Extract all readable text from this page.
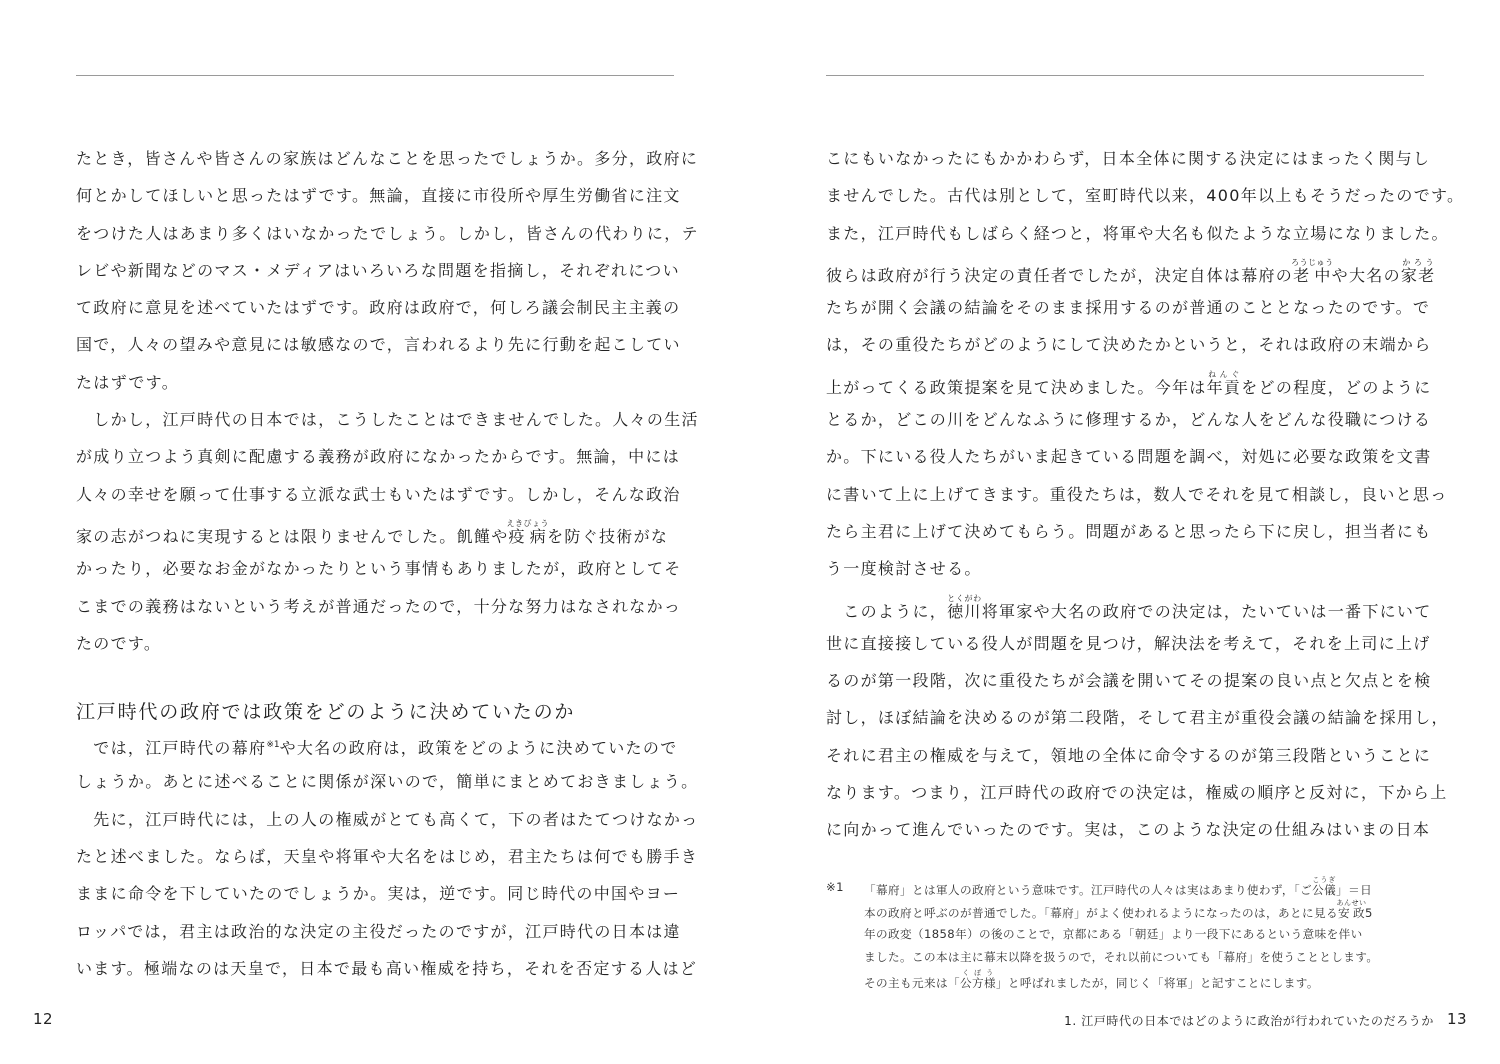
たとき，皆さんや皆さんの家族はどんなことを思ったでしょうか。多分，政府に
何とかしてほしいと思ったはずです。無論，直接に市役所や厚生労働省に注文
をつけた人はあまり多くはいなかったでしょう。しかし，皆さんの代わりに，テ
レビや新聞などのマス・メディアはいろいろな問題を指摘し，それぞれについ
て政府に意見を述べていたはずです。政府は政府で，何しろ議会制民主主義の
国で，人々の望みや意見には敏感なので，言われるより先に行動を起こしてい
たはずです。
　しかし，江戸時代の日本では，こうしたことはできませんでした。人々の生活
が成り立つよう真剣に配慮する義務が政府になかったからです。無論，中には
人々の幸せを願って仕事する立派な武士もいたはずです。しかし，そんな政治
家の志がつねに実現するとは限りませんでした。飢饉や疫病えきびょうを防ぐ技術がな
かったり，必要なお金がなかったりという事情もありましたが，政府としてそ
こまでの義務はないという考えが普通だったので，十分な努力はなされなかっ
たのです。
江戸時代の政府では政策をどのように決めていたのか
　では，江戸時代の幕府$^{※1}$や大名の政府は，政策をどのように決めていたので
しょうか。あとに述べることに関係が深いので，簡単にまとめておきましょう。
　先に，江戸時代には，上の人の権威がとても高くて，下の者はたてつけなかっ
たと述べました。ならば，天皇や将軍や大名をはじめ，君主たちは何でも勝手き
ままに命令を下していたのでしょうか。実は，逆です。同じ時代の中国やヨー
ロッパでは，君主は政治的な決定の主役だったのですが，江戸時代の日本は違
います。極端なのは天皇で，日本で最も高い権威を持ち，それを否定する人はど
こにもいなかったにもかかわらず，日本全体に関する決定にはまったく関与し
ませんでした。古代は別として，室町時代以来，400年以上もそうだったのです。
また，江戸時代もしばらく経つと，将軍や大名も似たような立場になりました。
彼らは政府が行う決定の責任者でしたが，決定自体は幕府の老中ろうじゅうや大名の家老かろう
たちが開く会議の結論をそのまま採用するのが普通のこととなったのです。で
は，その重役たちがどのようにして決めたかというと，それは政府の末端から
上がってくる政策提案を見て決めました。今年は年貢ねんぐをどの程度，どのように
とるか，どこの川をどんなふうに修理するか，どんな人をどんな役職につける
か。下にいる役人たちがいま起きている問題を調べ，対処に必要な政策を文書
に書いて上に上げてきます。重役たちは，数人でそれを見て相談し，良いと思っ
たら主君に上げて決めてもらう。問題があると思ったら下に戻し，担当者にも
う一度検討させる。
　このように，徳川とくがわ将軍家や大名の政府での決定は，たいていは一番下にいて
世に直接接している役人が問題を見つけ，解決法を考えて，それを上司に上げ
るのが第一段階，次に重役たちが会議を開いてその提案の良い点と欠点とを検
討し，ほぼ結論を決めるのが第二段階，そして君主が重役会議の結論を採用し，
それに君主の権威を与えて，領地の全体に命令するのが第三段階ということに
なります。つまり，江戸時代の政府での決定は，権威の順序と反対に，下から上
に向かって進んでいったのです。実は，このような決定の仕組みはいまの日本
※1 「幕府」とは軍人の政府という意味です。江戸時代の人々は実はあまり使わず，「ご公儀こうぎ」＝日
本の政府と呼ぶのが普通でした。「幕府」がよく使われるようになったのは，あとに見る安政あんせい5
年の政変（1858年）の後のことで，京都にある「朝廷」より一段下にあるという意味を伴い
ました。この本は主に幕末以降を扱うので，それ以前についても「幕府」を使うこととします。
その主も元来は「公方様くぼう」と呼ばれましたが，同じく「将軍」と記すことにします。
12	1. 江戸時代の日本ではどのように政治が行われていたのだろうか 13
